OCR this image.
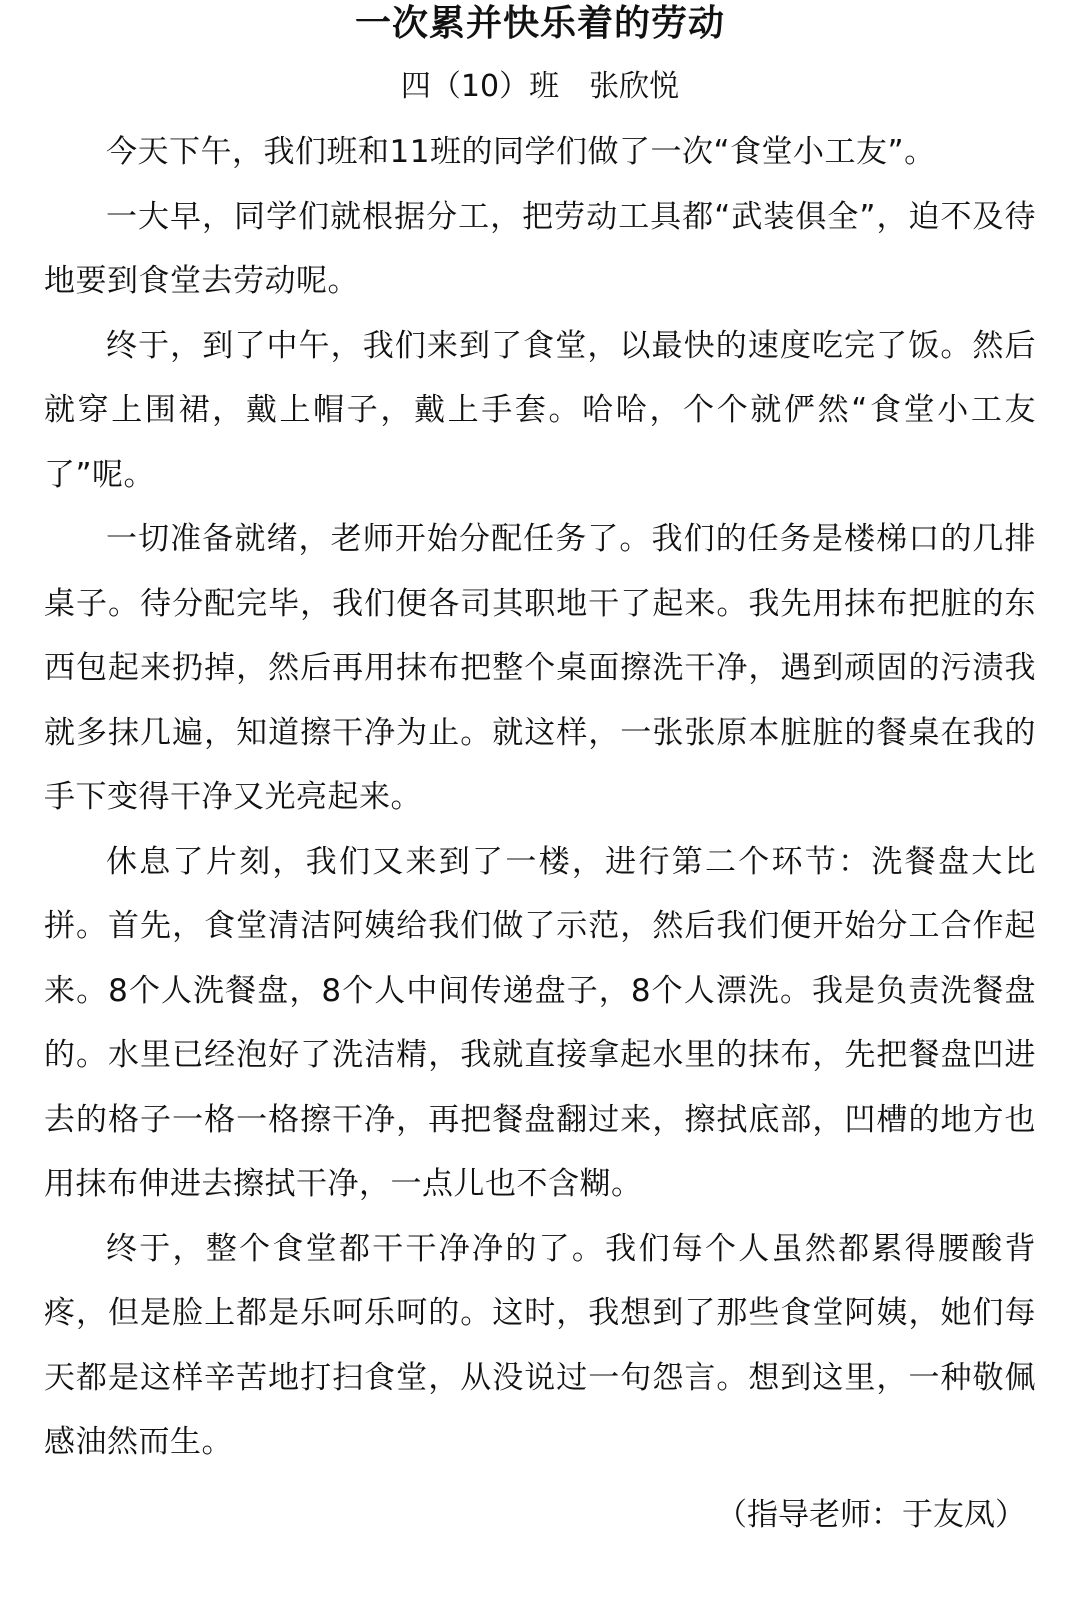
一次累并快乐着的劳动
四（10）班 张欣悦

今天下午，我们班和11班的同学们做了一次“食堂小工友”。

一大早，同学们就根据分工，把劳动工具都“武装俱全”，迫不及待地要到食堂去劳动呢。

终于，到了中午，我们来到了食堂，以最快的速度吃完了饭。然后就穿上围裙，戴上帽子，戴上手套。哈哈，个个就俨然“食堂小工友了”呢。

一切准备就绪，老师开始分配任务了。我们的任务是楼梯口的几排桌子。待分配完毕，我们便各司其职地干了起来。我先用抹布把脏的东西包起来扔掉，然后再用抹布把整个桌面擦洗干净，遇到顽固的污渍我就多抹几遍，知道擦干净为止。就这样，一张张原本脏脏的餐桌在我的手下变得干净又光亮起来。

休息了片刻，我们又来到了一楼，进行第二个环节：洗餐盘大比拼。首先，食堂清洁阿姨给我们做了示范，然后我们便开始分工合作起来。8个人洗餐盘，8个人中间传递盘子，8个人漂洗。我是负责洗餐盘的。水里已经泡好了洗洁精，我就直接拿起水里的抹布，先把餐盘凹进去的格子一格一格擦干净，再把餐盘翻过来，擦拭底部，凹槽的地方也用抹布伸进去擦拭干净，一点儿也不含糊。

终于，整个食堂都干干净净的了。我们每个人虽然都累得腰酸背疼，但是脸上都是乐呵乐呵的。这时，我想到了那些食堂阿姨，她们每天都是这样辛苦地打扫食堂，从没说过一句怨言。想到这里，一种敬佩感油然而生。

（指导老师：于友凤）
